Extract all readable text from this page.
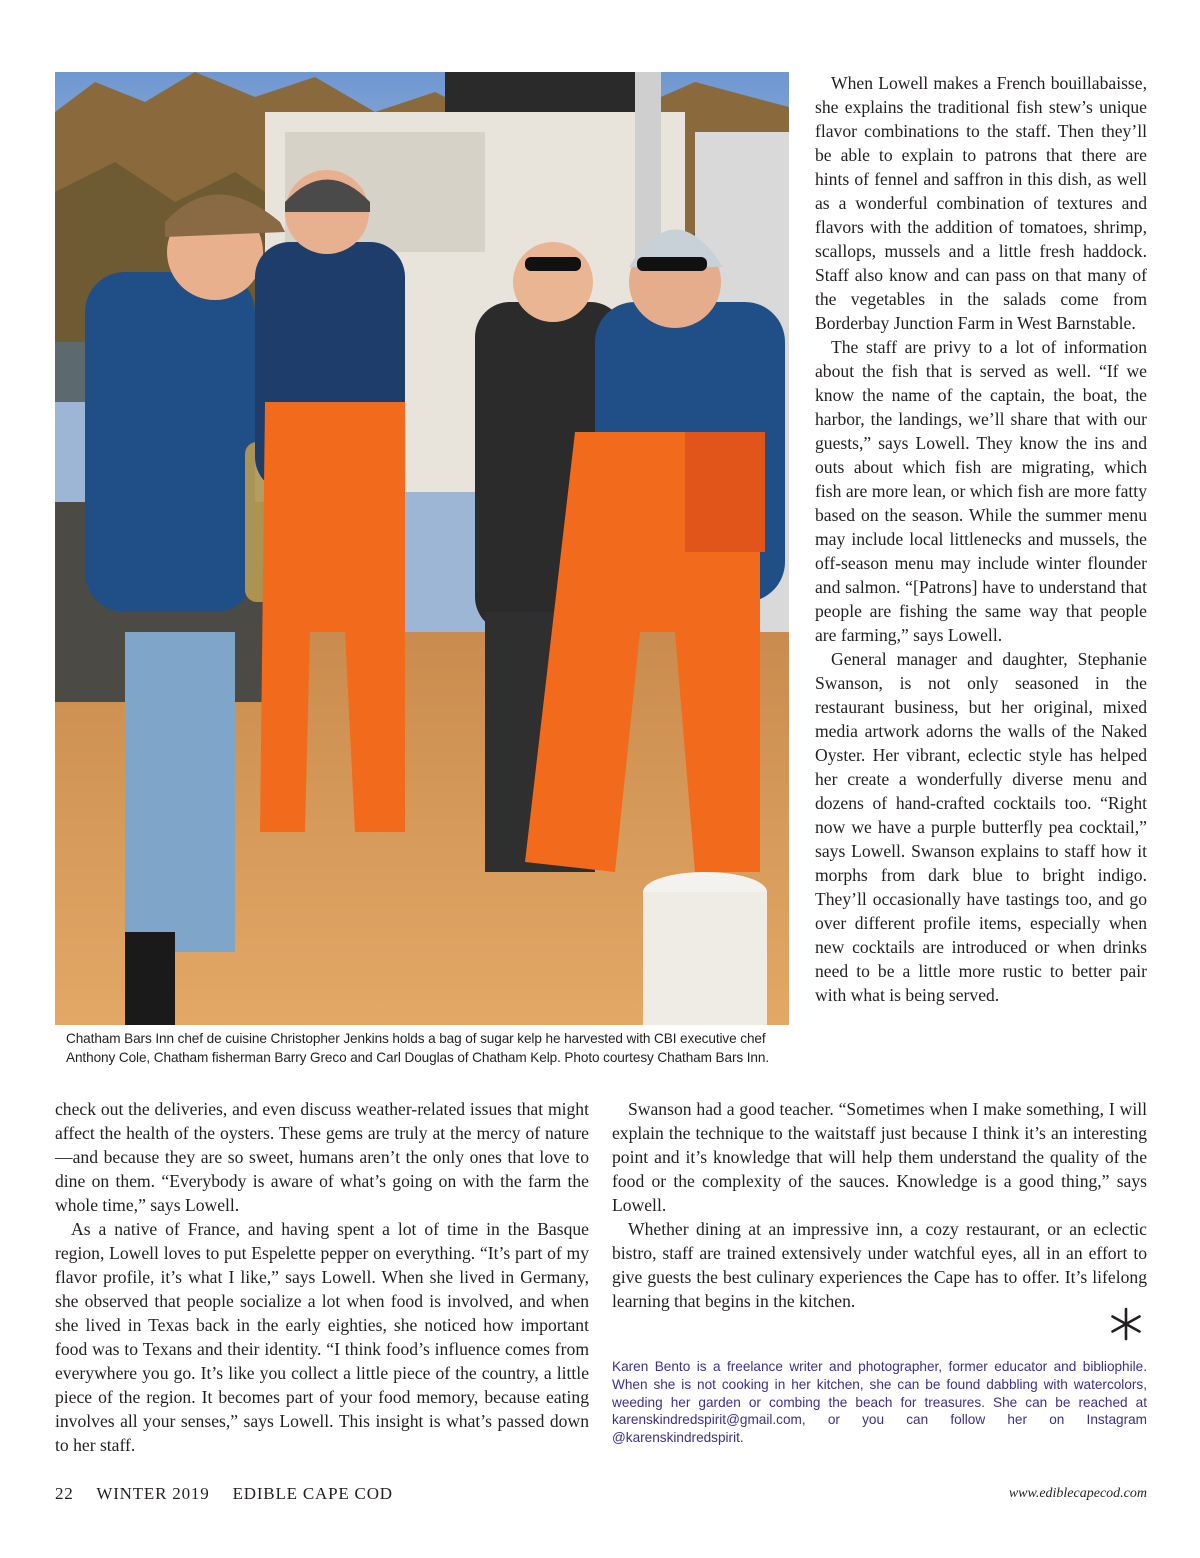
Chatham Bars Inn chef de cuisine Christopher Jenkins holds a bag of sugar kelp he harvested with CBI executive chef Anthony Cole, Chatham fisherman Barry Greco and Carl Douglas of Chatham Kelp. Photo courtesy Chatham Bars Inn.

When Lowell makes a French bouillabaisse, she explains the traditional fish stew’s unique flavor combinations to the staff. Then they’ll be able to explain to patrons that there are hints of fennel and saffron in this dish, as well as a wonderful combination of textures and flavors with the addition of tomatoes, shrimp, scallops, mussels and a little fresh haddock. Staff also know and can pass on that many of the vegetables in the salads come from Borderbay Junction Farm in West Barnstable.

The staff are privy to a lot of information about the fish that is served as well. “If we know the name of the captain, the boat, the harbor, the landings, we’ll share that with our guests,” says Lowell. They know the ins and outs about which fish are migrating, which fish are more lean, or which fish are more fatty based on the season. While the summer menu may include local littlenecks and mussels, the off-season menu may include winter flounder and salmon. “[Patrons] have to understand that people are fishing the same way that people are farming,” says Lowell.

General manager and daughter, Stephanie Swanson, is not only seasoned in the restaurant business, but her original, mixed media artwork adorns the walls of the Naked Oyster. Her vibrant, eclectic style has helped her create a wonderfully diverse menu and dozens of hand-crafted cocktails too. “Right now we have a purple butterfly pea cocktail,” says Lowell. Swanson explains to staff how it morphs from dark blue to bright indigo. They’ll occasionally have tastings too, and go over different profile items, especially when new cocktails are introduced or when drinks need to be a little more rustic to better pair with what is being served.

check out the deliveries, and even discuss weather-related issues that might affect the health of the oysters. These gems are truly at the mercy of nature—and because they are so sweet, humans aren’t the only ones that love to dine on them. “Everybody is aware of what’s going on with the farm the whole time,” says Lowell.

As a native of France, and having spent a lot of time in the Basque region, Lowell loves to put Espelette pepper on everything. “It’s part of my flavor profile, it’s what I like,” says Lowell. When she lived in Germany, she observed that people socialize a lot when food is involved, and when she lived in Texas back in the early eighties, she noticed how important food was to Texans and their identity. “I think food’s influence comes from everywhere you go. It’s like you collect a little piece of the country, a little piece of the region. It becomes part of your food memory, because eating involves all your senses,” says Lowell. This insight is what’s passed down to her staff.

Swanson had a good teacher. “Sometimes when I make something, I will explain the technique to the waitstaff just because I think it’s an interesting point and it’s knowledge that will help them understand the quality of the food or the complexity of the sauces. Knowledge is a good thing,” says Lowell.

Whether dining at an impressive inn, a cozy restaurant, or an eclectic bistro, staff are trained extensively under watchful eyes, all in an effort to give guests the best culinary experiences the Cape has to offer. It’s lifelong learning that begins in the kitchen.

Karen Bento is a freelance writer and photographer, former educator and bibliophile. When she is not cooking in her kitchen, she can be found dabbling with watercolors, weeding her garden or combing the beach for treasures. She can be reached at karenskindredspirit@gmail.com, or you can follow her on Instagram @karenskindredspirit.
22 WINTER 2019 EDIBLE CAPE COD	www.ediblecapecod.com
